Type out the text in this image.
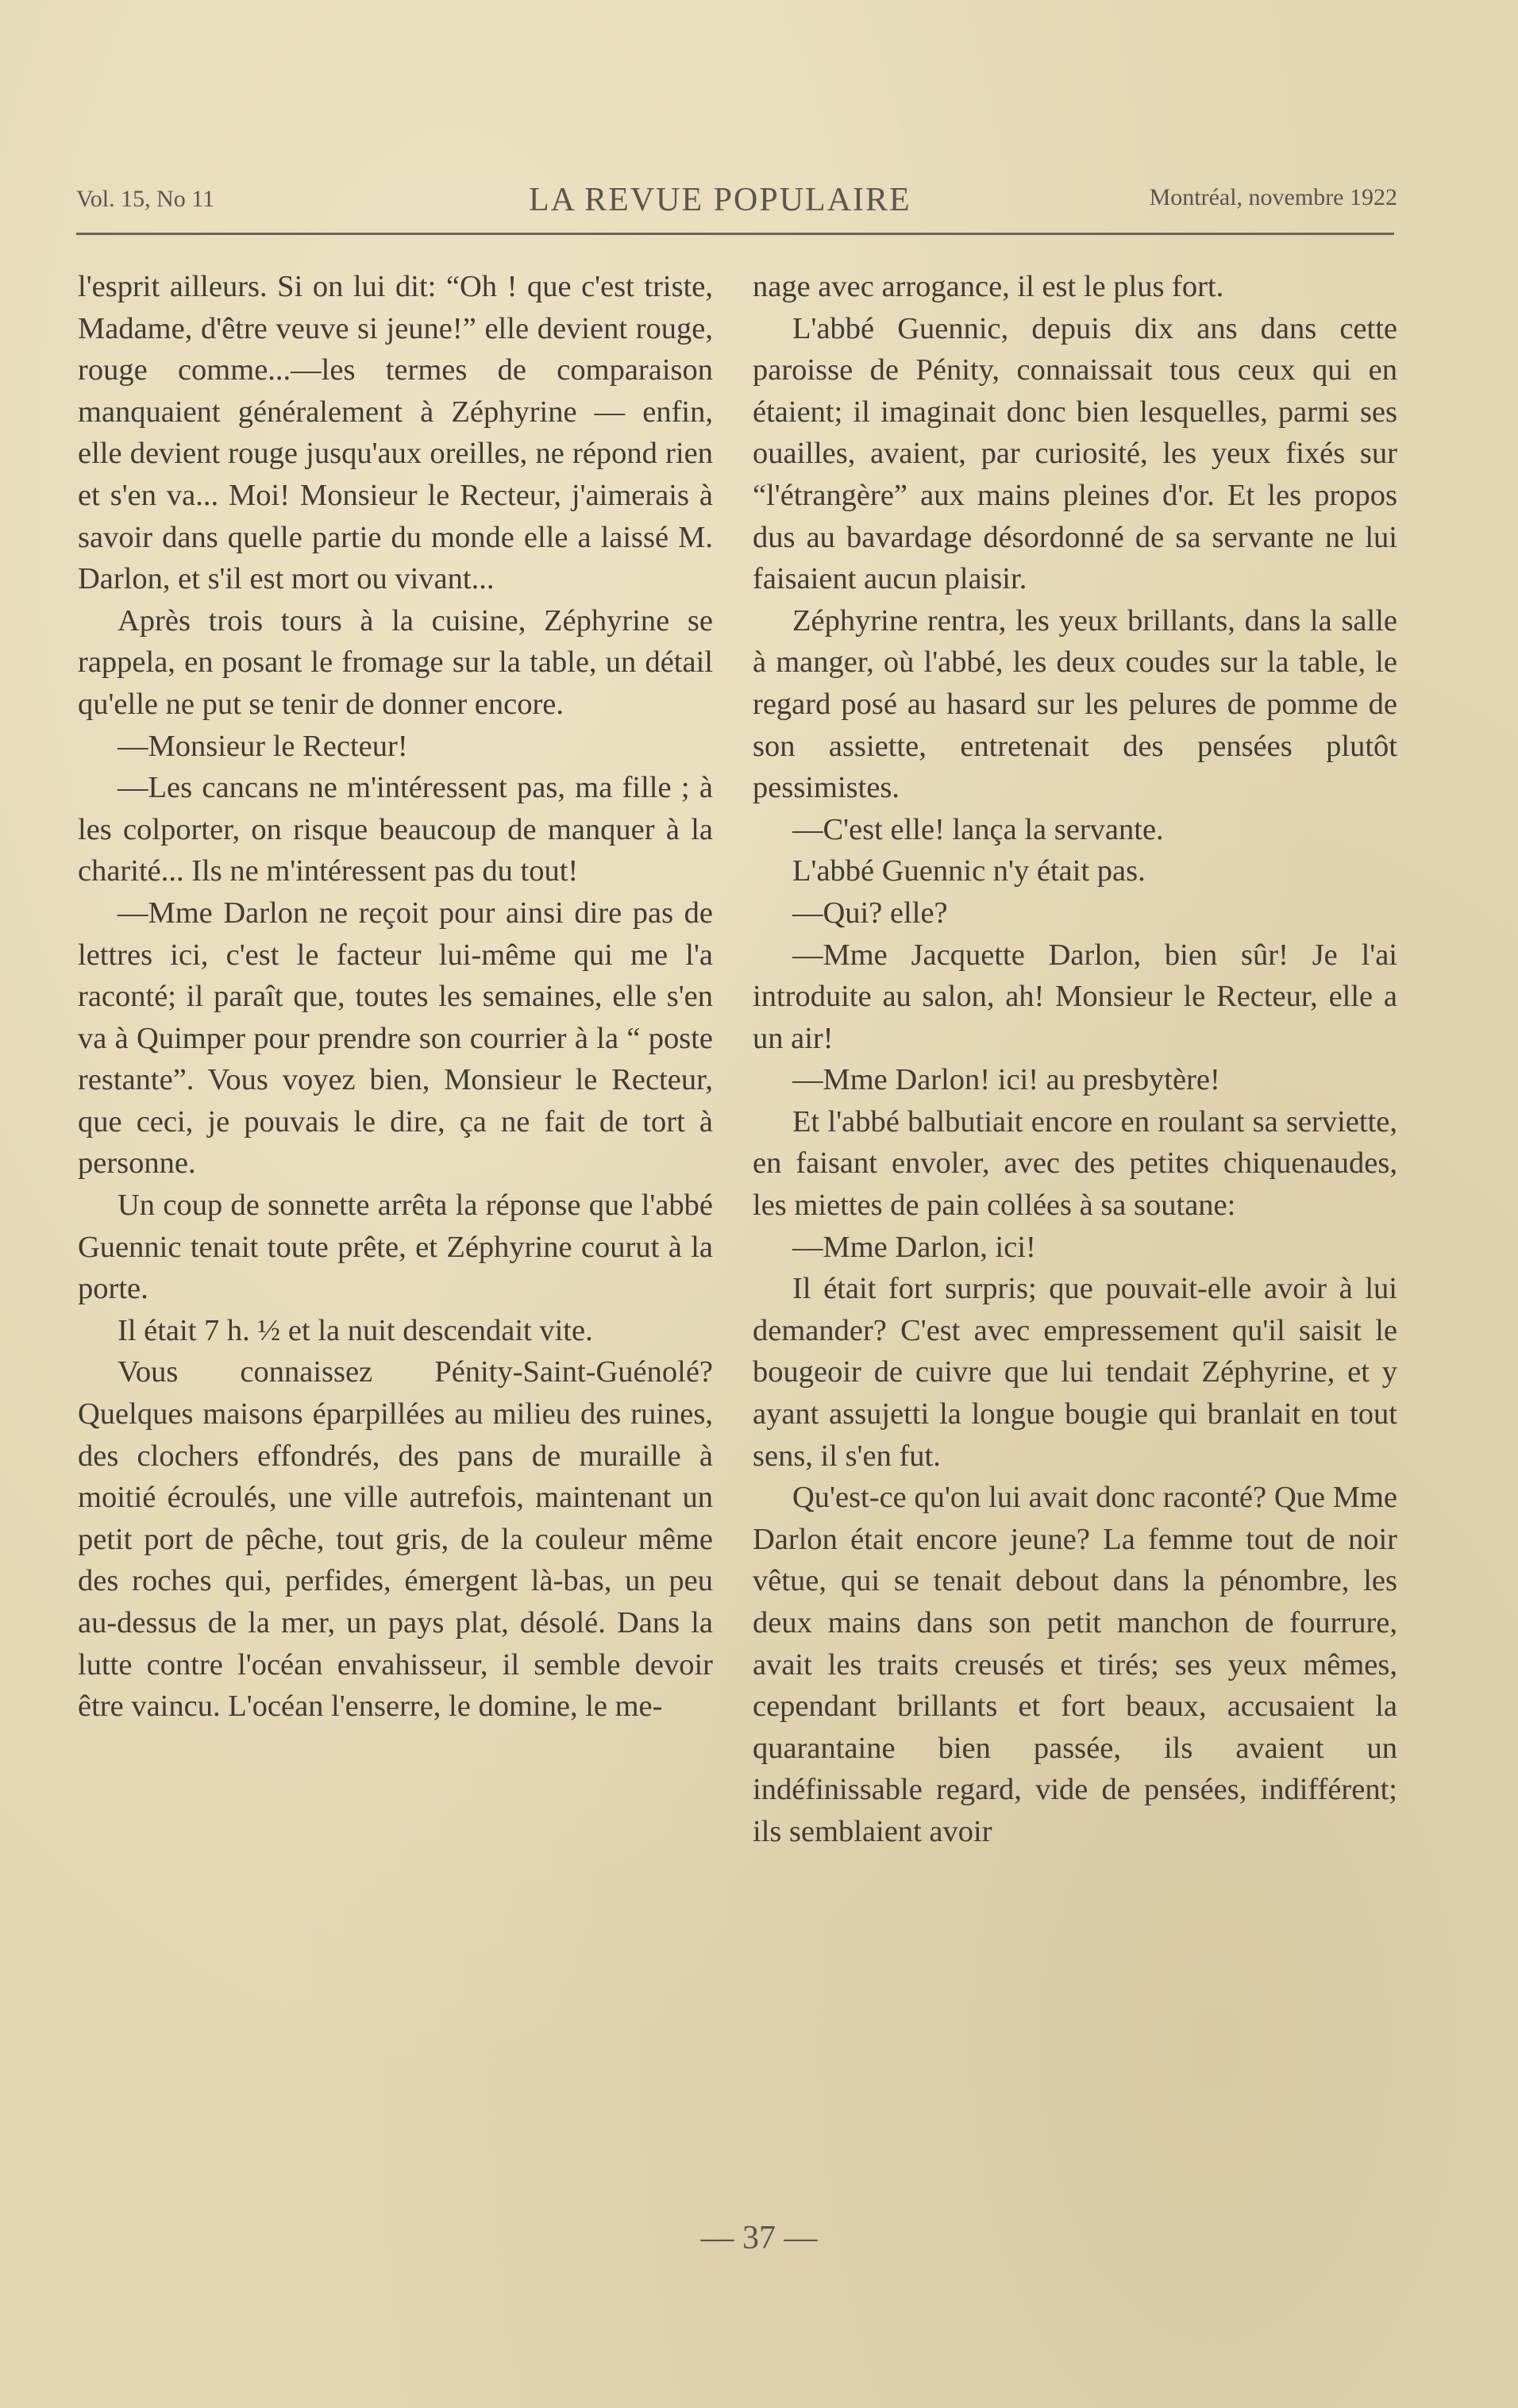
Vol. 15, No 11	LA REVUE POPULAIRE	Montréal, novembre 1922

l'esprit ailleurs. Si on lui dit: “Oh ! que c'est triste, Madame, d'être veuve si jeune!” elle devient rouge, rouge comme...—les termes de comparaison manquaient généralement à Zéphyrine — enfin, elle devient rouge jusqu'aux oreilles, ne répond rien et s'en va... Moi! Monsieur le Recteur, j'aimerais à savoir dans quelle partie du monde elle a laissé M. Darlon, et s'il est mort ou vivant...

Après trois tours à la cuisine, Zéphyrine se rappela, en posant le fromage sur la table, un détail qu'elle ne put se tenir de donner encore.

—Monsieur le Recteur!

—Les cancans ne m'intéressent pas, ma fille ; à les colporter, on risque beaucoup de manquer à la charité... Ils ne m'intéressent pas du tout!

—Mme Darlon ne reçoit pour ainsi dire pas de lettres ici, c'est le facteur lui-même qui me l'a raconté; il paraît que, toutes les semaines, elle s'en va à Quimper pour prendre son courrier à la “ poste restante”. Vous voyez bien, Monsieur le Recteur, que ceci, je pouvais le dire, ça ne fait de tort à personne.

Un coup de sonnette arrêta la réponse que l'abbé Guennic tenait toute prête, et Zéphyrine courut à la porte.

Il était 7 h. ½ et la nuit descendait vite.

Vous connaissez Pénity-Saint-Guénolé? Quelques maisons éparpillées au milieu des ruines, des clochers effondrés, des pans de muraille à moitié écroulés, une ville autrefois, maintenant un petit port de pêche, tout gris, de la couleur même des roches qui, perfides, émergent là-bas, un peu au-dessus de la mer, un pays plat, désolé. Dans la lutte contre l'océan envahisseur, il semble devoir être vaincu. L'océan l'enserre, le domine, le me-

nage avec arrogance, il est le plus fort.

L'abbé Guennic, depuis dix ans dans cette paroisse de Pénity, connaissait tous ceux qui en étaient; il imaginait donc bien lesquelles, parmi ses ouailles, avaient, par curiosité, les yeux fixés sur “l'étrangère” aux mains pleines d'or. Et les propos dus au bavardage désordonné de sa servante ne lui faisaient aucun plaisir.

Zéphyrine rentra, les yeux brillants, dans la salle à manger, où l'abbé, les deux coudes sur la table, le regard posé au hasard sur les pelures de pomme de son assiette, entretenait des pensées plutôt pessimistes.

—C'est elle! lança la servante.

L'abbé Guennic n'y était pas.

—Qui? elle?

—Mme Jacquette Darlon, bien sûr! Je l'ai introduite au salon, ah! Monsieur le Recteur, elle a un air!

—Mme Darlon! ici! au presbytère!

Et l'abbé balbutiait encore en roulant sa serviette, en faisant envoler, avec des petites chiquenaudes, les miettes de pain collées à sa soutane:

—Mme Darlon, ici!

Il était fort surpris; que pouvait-elle avoir à lui demander? C'est avec empressement qu'il saisit le bougeoir de cuivre que lui tendait Zéphyrine, et y ayant assujetti la longue bougie qui branlait en tout sens, il s'en fut.

Qu'est-ce qu'on lui avait donc raconté? Que Mme Darlon était encore jeune? La femme tout de noir vêtue, qui se tenait debout dans la pénombre, les deux mains dans son petit manchon de fourrure, avait les traits creusés et tirés; ses yeux mêmes, cependant brillants et fort beaux, accusaient la quarantaine bien passée, ils avaient un indéfinissable regard, vide de pensées, indifférent; ils semblaient avoir

— 37 —
